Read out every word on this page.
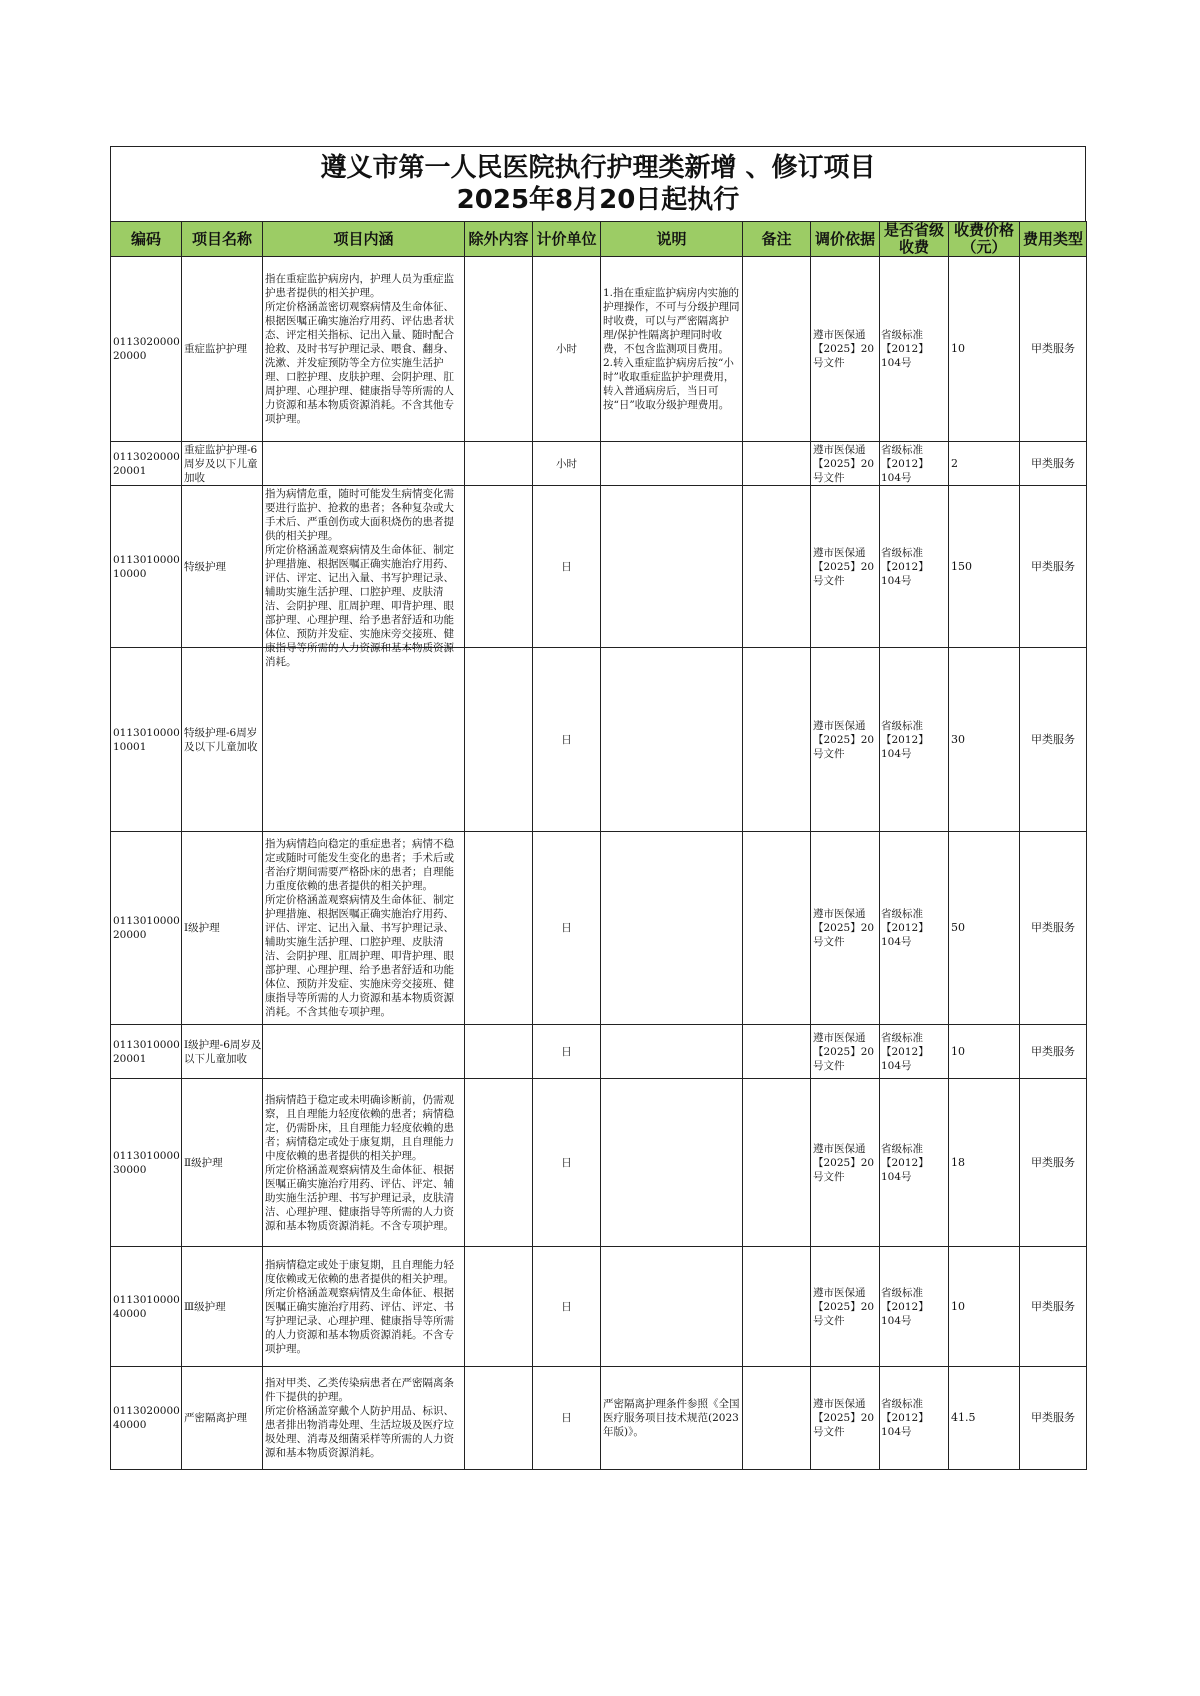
遵义市第一人民医院执行护理类新增 、修订项目
2025年8月20日起执行
编码	项目名称	项目内涵	除外内容	计价单位	说明	备注	调价依据	是否省级收费	收费价格（元）	费用类型

011302000020000	重症监护护理	指在重症监护病房内，护理人员为重症监护患者提供的相关护理。
所定价格涵盖密切观察病情及生命体征、根据医嘱正确实施治疗用药、评估患者状态、评定相关指标、记出入量、随时配合抢救、及时书写护理记录、喂食、翻身、洗漱、并发症预防等全方位实施生活护理、口腔护理、皮肤护理、会阴护理、肛周护理、心理护理、健康指导等所需的人力资源和基本物质资源消耗。不含其他专项护理。		小时	1.指在重症监护病房内实施的护理操作，不可与分级护理同时收费，可以与严密隔离护理/保护性隔离护理同时收费，不包含监测项目费用。
2.转入重症监护病房后按“小时”收取重症监护护理费用，转入普通病房后，当日可按“日”收取分级护理费用。		遵市医保通【2025】20号文件	省级标准【2012】104号	10	甲类服务

011302000020001	重症监护护理-6周岁及以下儿童加收			小时			遵市医保通【2025】20号文件	省级标准【2012】104号	2	甲类服务

011301000010000	特级护理	指为病情危重，随时可能发生病情变化需要进行监护、抢救的患者；各种复杂或大手术后、严重创伤或大面积烧伤的患者提供的相关护理。
所定价格涵盖观察病情及生命体征、制定护理措施、根据医嘱正确实施治疗用药、评估、评定、记出入量、书写护理记录、辅助实施生活护理、口腔护理、皮肤清洁、会阴护理、肛周护理、叩背护理、眼部护理、心理护理、给予患者舒适和功能体位、预防并发症、实施床旁交接班、健康指导等所需的人力资源和基本物质资源消耗。		日			遵市医保通【2025】20号文件	省级标准【2012】104号	150	甲类服务

011301000010001	特级护理-6周岁及以下儿童加收			日			遵市医保通【2025】20号文件	省级标准【2012】104号	30	甲类服务

011301000020000	Ⅰ级护理	指为病情趋向稳定的重症患者；病情不稳定或随时可能发生变化的患者；手术后或者治疗期间需要严格卧床的患者；自理能力重度依赖的患者提供的相关护理。
所定价格涵盖观察病情及生命体征、制定护理措施、根据医嘱正确实施治疗用药、评估、评定、记出入量、书写护理记录、辅助实施生活护理、口腔护理、皮肤清洁、会阴护理、肛周护理、叩背护理、眼部护理、心理护理、给予患者舒适和功能体位、预防并发症、实施床旁交接班、健康指导等所需的人力资源和基本物质资源消耗。不含其他专项护理。		日			遵市医保通【2025】20号文件	省级标准【2012】104号	50	甲类服务

011301000020001	Ⅰ级护理-6周岁及以下儿童加收			日			遵市医保通【2025】20号文件	省级标准【2012】104号	10	甲类服务

011301000030000	Ⅱ级护理	指病情趋于稳定或未明确诊断前，仍需观察，且自理能力轻度依赖的患者；病情稳定，仍需卧床，且自理能力轻度依赖的患者；病情稳定或处于康复期，且自理能力中度依赖的患者提供的相关护理。
所定价格涵盖观察病情及生命体征、根据医嘱正确实施治疗用药、评估、评定、辅助实施生活护理、书写护理记录，皮肤清洁、心理护理、健康指导等所需的人力资源和基本物质资源消耗。不含专项护理。		日			遵市医保通【2025】20号文件	省级标准【2012】104号	18	甲类服务

011301000040000	Ⅲ级护理	指病情稳定或处于康复期，且自理能力轻度依赖或无依赖的患者提供的相关护理。
所定价格涵盖观察病情及生命体征、根据医嘱正确实施治疗用药、评估、评定、书写护理记录、心理护理、健康指导等所需的人力资源和基本物质资源消耗。不含专项护理。		日			遵市医保通【2025】20号文件	省级标准【2012】104号	10	甲类服务

011302000040000	严密隔离护理	指对甲类、乙类传染病患者在严密隔离条件下提供的护理。
所定价格涵盖穿戴个人防护用品、标识、患者排出物消毒处理、生活垃圾及医疗垃圾处理、消毒及细菌采样等所需的人力资源和基本物质资源消耗。		日	严密隔离护理条件参照《全国医疗服务项目技术规范(2023年版)》。		遵市医保通【2025】20号文件	省级标准【2012】104号	41.5	甲类服务
